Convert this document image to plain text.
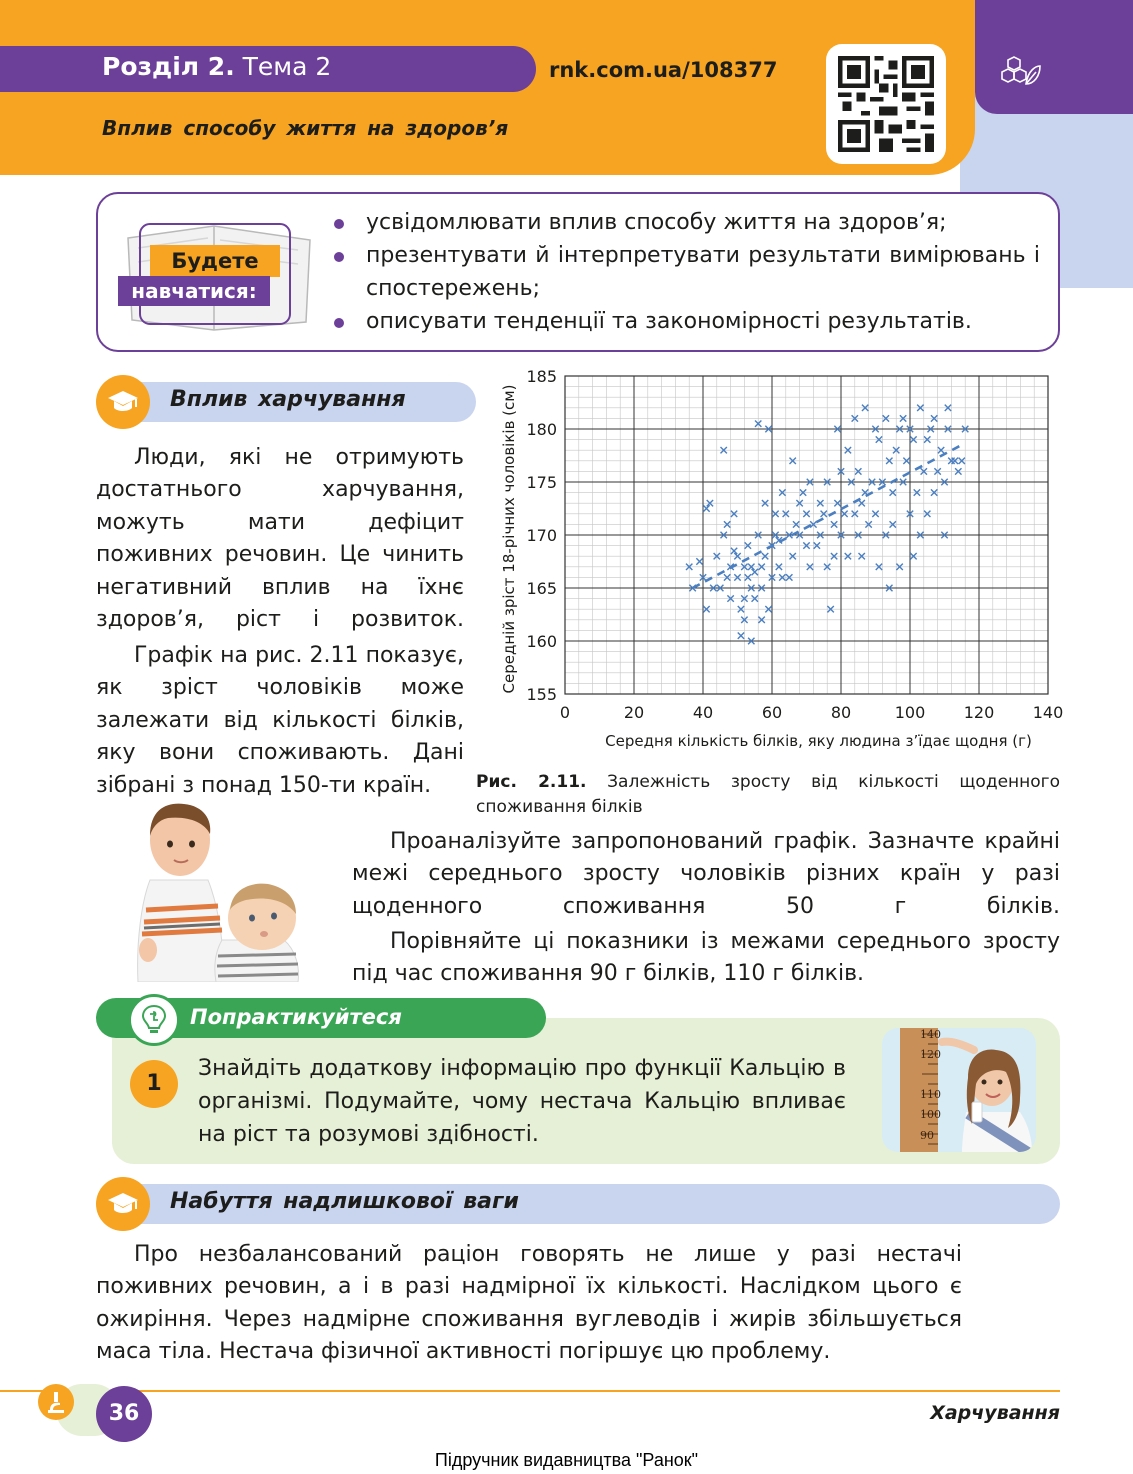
Розділ 2. Тема 2	rnk.com.ua/108377
Вплив способу життя на здоров’я
Будете
навчатися:
усвідомлювати вплив способу життя на здоров’я;
презентувати й інтерпретувати результати вимірювань і спостережень;
описувати тенденції та закономірності результатів.
Вплив харчування
Люди, які не отримують достатнього харчування, можуть мати дефіцит поживних речовин. Це чинить негативний вплив на їхнє здоров’я, ріст і розвиток.
Графік на рис. 2.11 показує, як зріст чоловіків може залежати від кількості білків, яку вони споживають. Дані зібрані з понад 150-ти країн.
0	20	40	60	80	100 120 140
155
160
165
170
175
180
185
Середній зріст 18-річних чоловіків (см)
Середня кількість білків, яку людина з’їдає щодня (г)
Рис. 2.11. Залежність зросту від кількості щоденного споживання білків
Проаналізуйте запропонований графік. Зазначте крайні межі середнього зросту чоловіків різних країн у разі щоденного споживання 50 г білків.
Порівняйте ці показники із межами середнього зросту під час споживання 90 г білків, 110 г білків.
Попрактикуйтеся
1
Знайдіть додаткову інформацію про функції Кальцію в організмі. Подумайте, чому нестача Кальцію впливає на ріст та розумові здібності.
140
120
110
100
90
Набуття надлишкової ваги
Про незбалансований раціон говорять не лише у разі нестачі поживних речовин, а і в разі надмірної їх кількості. Наслідком цього є ожиріння. Через надмірне споживання вуглеводів і жирів збільшується маса тіла. Нестача фізичної активності погіршує цю проблему.
36	Харчування
Підручник видавництва "Ранок"
